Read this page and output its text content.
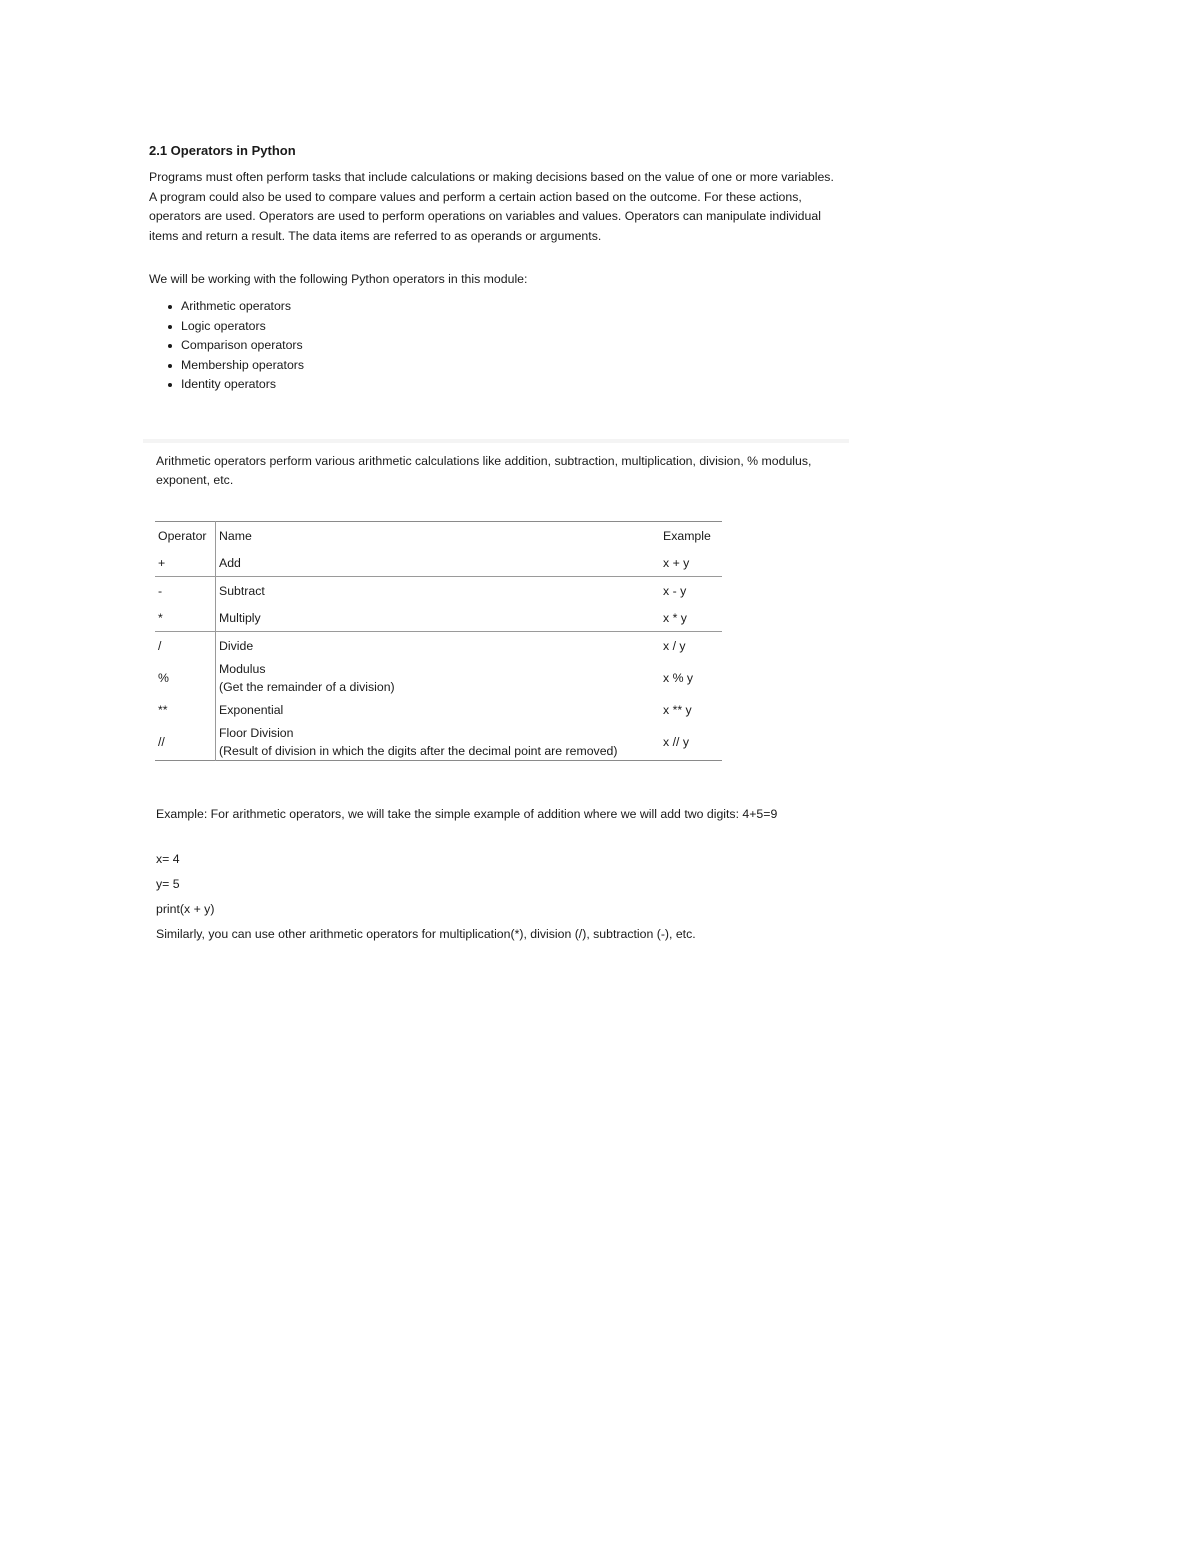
2.1 Operators in Python

Programs must often perform tasks that include calculations or making decisions based on the value of one or more variables. A program could also be used to compare values and perform a certain action based on the outcome. For these actions, operators are used. Operators are used to perform operations on variables and values. Operators can manipulate individual items and return a result. The data items are referred to as operands or arguments.

We will be working with the following Python operators in this module:

Arithmetic operators
Logic operators
Comparison operators
Membership operators
Identity operators

Arithmetic operators perform various arithmetic calculations like addition, subtraction, multiplication, division, % modulus, exponent, etc.

Operator	Name	Example
+	Add	x + y
-	Subtract	x - y
*	Multiply	x * y
/	Divide	x / y
%	Modulus
(Get the remainder of a division)	x % y
**	Exponential	x ** y
//	Floor Division
(Result of division in which the digits after the decimal point are removed)	x // y

Example: For arithmetic operators, we will take the simple example of addition where we will add two digits: 4+5=9

x= 4

y= 5

print(x + y)

Similarly, you can use other arithmetic operators for multiplication(*), division (/), subtraction (-), etc.
